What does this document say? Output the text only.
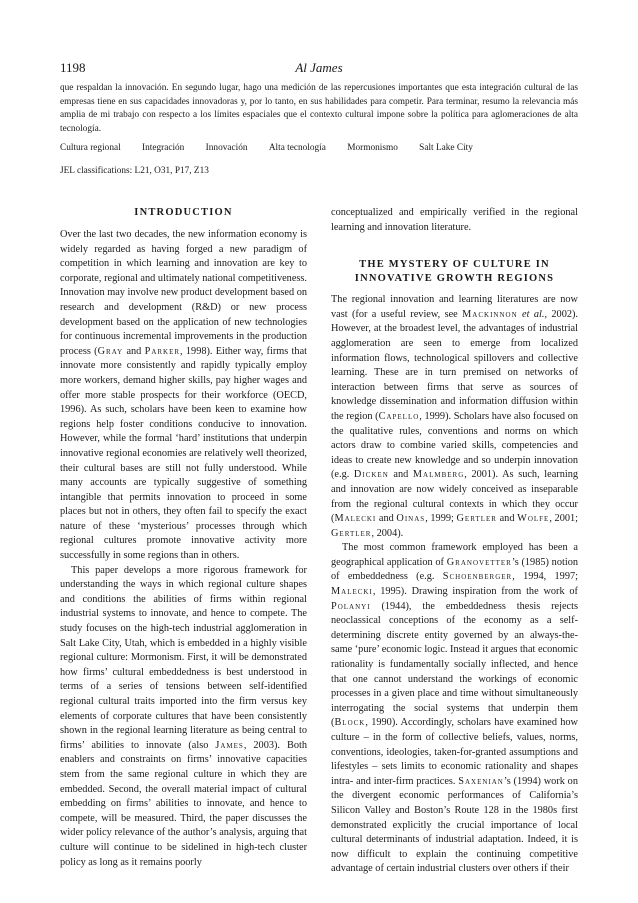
1198	Al James
que respaldan la innovación. En segundo lugar, hago una medición de las repercusiones importantes que esta integración cultural de las empresas tiene en sus capacidades innovadoras y, por lo tanto, en sus habilidades para competir. Para terminar, resumo la relevancia más amplia de mi trabajo con respecto a los límites espaciales que el contexto cultural impone sobre la política para aglomeraciones de alta tecnología.
Cultura regional Integración Innovación Alta tecnología Mormonismo Salt Lake City
JEL classifications: L21, O31, P17, Z13
INTRODUCTION

Over the last two decades, the new information economy is widely regarded as having forged a new paradigm of competition in which learning and innovation are key to corporate, regional and ultimately national competitiveness. Innovation may involve new product development based on research and development (R&D) or new process development based on the application of new technologies for continuous incremental improvements in the production process (Gray and Parker, 1998). Either way, firms that innovate more consistently and rapidly typically employ more workers, demand higher skills, pay higher wages and offer more stable prospects for their workforce (OECD, 1996). As such, scholars have been keen to examine how regions help foster conditions conducive to innovation. However, while the formal ‘hard’ institutions that underpin innovative regional economies are relatively well theorized, their cultural bases are still not fully understood. While many accounts are typically suggestive of something intangible that permits innovation to proceed in some places but not in others, they often fail to specify the exact nature of these ‘mysterious’ processes through which regional cultures promote innovative activity more successfully in some regions than in others.

This paper develops a more rigorous framework for understanding the ways in which regional culture shapes and conditions the abilities of firms within regional industrial systems to innovate, and hence to compete. The study focuses on the high-tech industrial agglomeration in Salt Lake City, Utah, which is embedded in a highly visible regional culture: Mormonism. First, it will be demonstrated how firms’ cultural embeddedness is best understood in terms of a series of tensions between self-identified regional cultural traits imported into the firm versus key elements of corporate cultures that have been consistently shown in the regional learning literature as being central to firms’ abilities to innovate (also James, 2003). Both enablers and constraints on firms’ innovative capacities stem from the same regional culture in which they are embedded. Second, the overall material impact of cultural embedding on firms’ abilities to innovate, and hence to compete, will be measured. Third, the paper discusses the wider policy relevance of the author’s analysis, arguing that culture will continue to be sidelined in high-tech cluster policy as long as it remains poorly

conceptualized and empirically verified in the regional learning and innovation literature.

THE MYSTERY OF CULTURE IN
INNOVATIVE GROWTH REGIONS

The regional innovation and learning literatures are now vast (for a useful review, see Mackinnon et al., 2002). However, at the broadest level, the advantages of industrial agglomeration are seen to emerge from localized information flows, technological spillovers and collective learning. These are in turn premised on networks of interaction between firms that serve as sources of knowledge dissemination and information diffusion within the region (Capello, 1999). Scholars have also focused on the qualitative rules, conventions and norms on which actors draw to combine varied skills, competencies and ideas to create new knowledge and so underpin innovation (e.g. Dicken and Malmberg, 2001). As such, learning and innovation are now widely conceived as inseparable from the regional cultural contexts in which they occur (Malecki and Oinas, 1999; Gertler and Wolfe, 2001; Gertler, 2004).

The most common framework employed has been a geographical application of Granovetter’s (1985) notion of embeddedness (e.g. Schoenberger, 1994, 1997; Malecki, 1995). Drawing inspiration from the work of Polanyi (1944), the embeddedness thesis rejects neoclassical conceptions of the economy as a self-determining discrete entity governed by an always-the-same ‘pure’ economic logic. Instead it argues that economic rationality is fundamentally socially inflected, and hence that one cannot understand the workings of economic processes in a given place and time without simultaneously interrogating the social systems that underpin them (Block, 1990). Accordingly, scholars have examined how culture – in the form of collective beliefs, values, norms, conventions, ideologies, taken-for-granted assumptions and lifestyles – sets limits to economic rationality and shapes intra- and inter-firm practices. Saxenian’s (1994) work on the divergent economic performances of California’s Silicon Valley and Boston’s Route 128 in the 1980s first demonstrated explicitly the crucial importance of local cultural determinants of industrial adaptation. Indeed, it is now difficult to explain the continuing competitive advantage of certain industrial clusters over others if their
